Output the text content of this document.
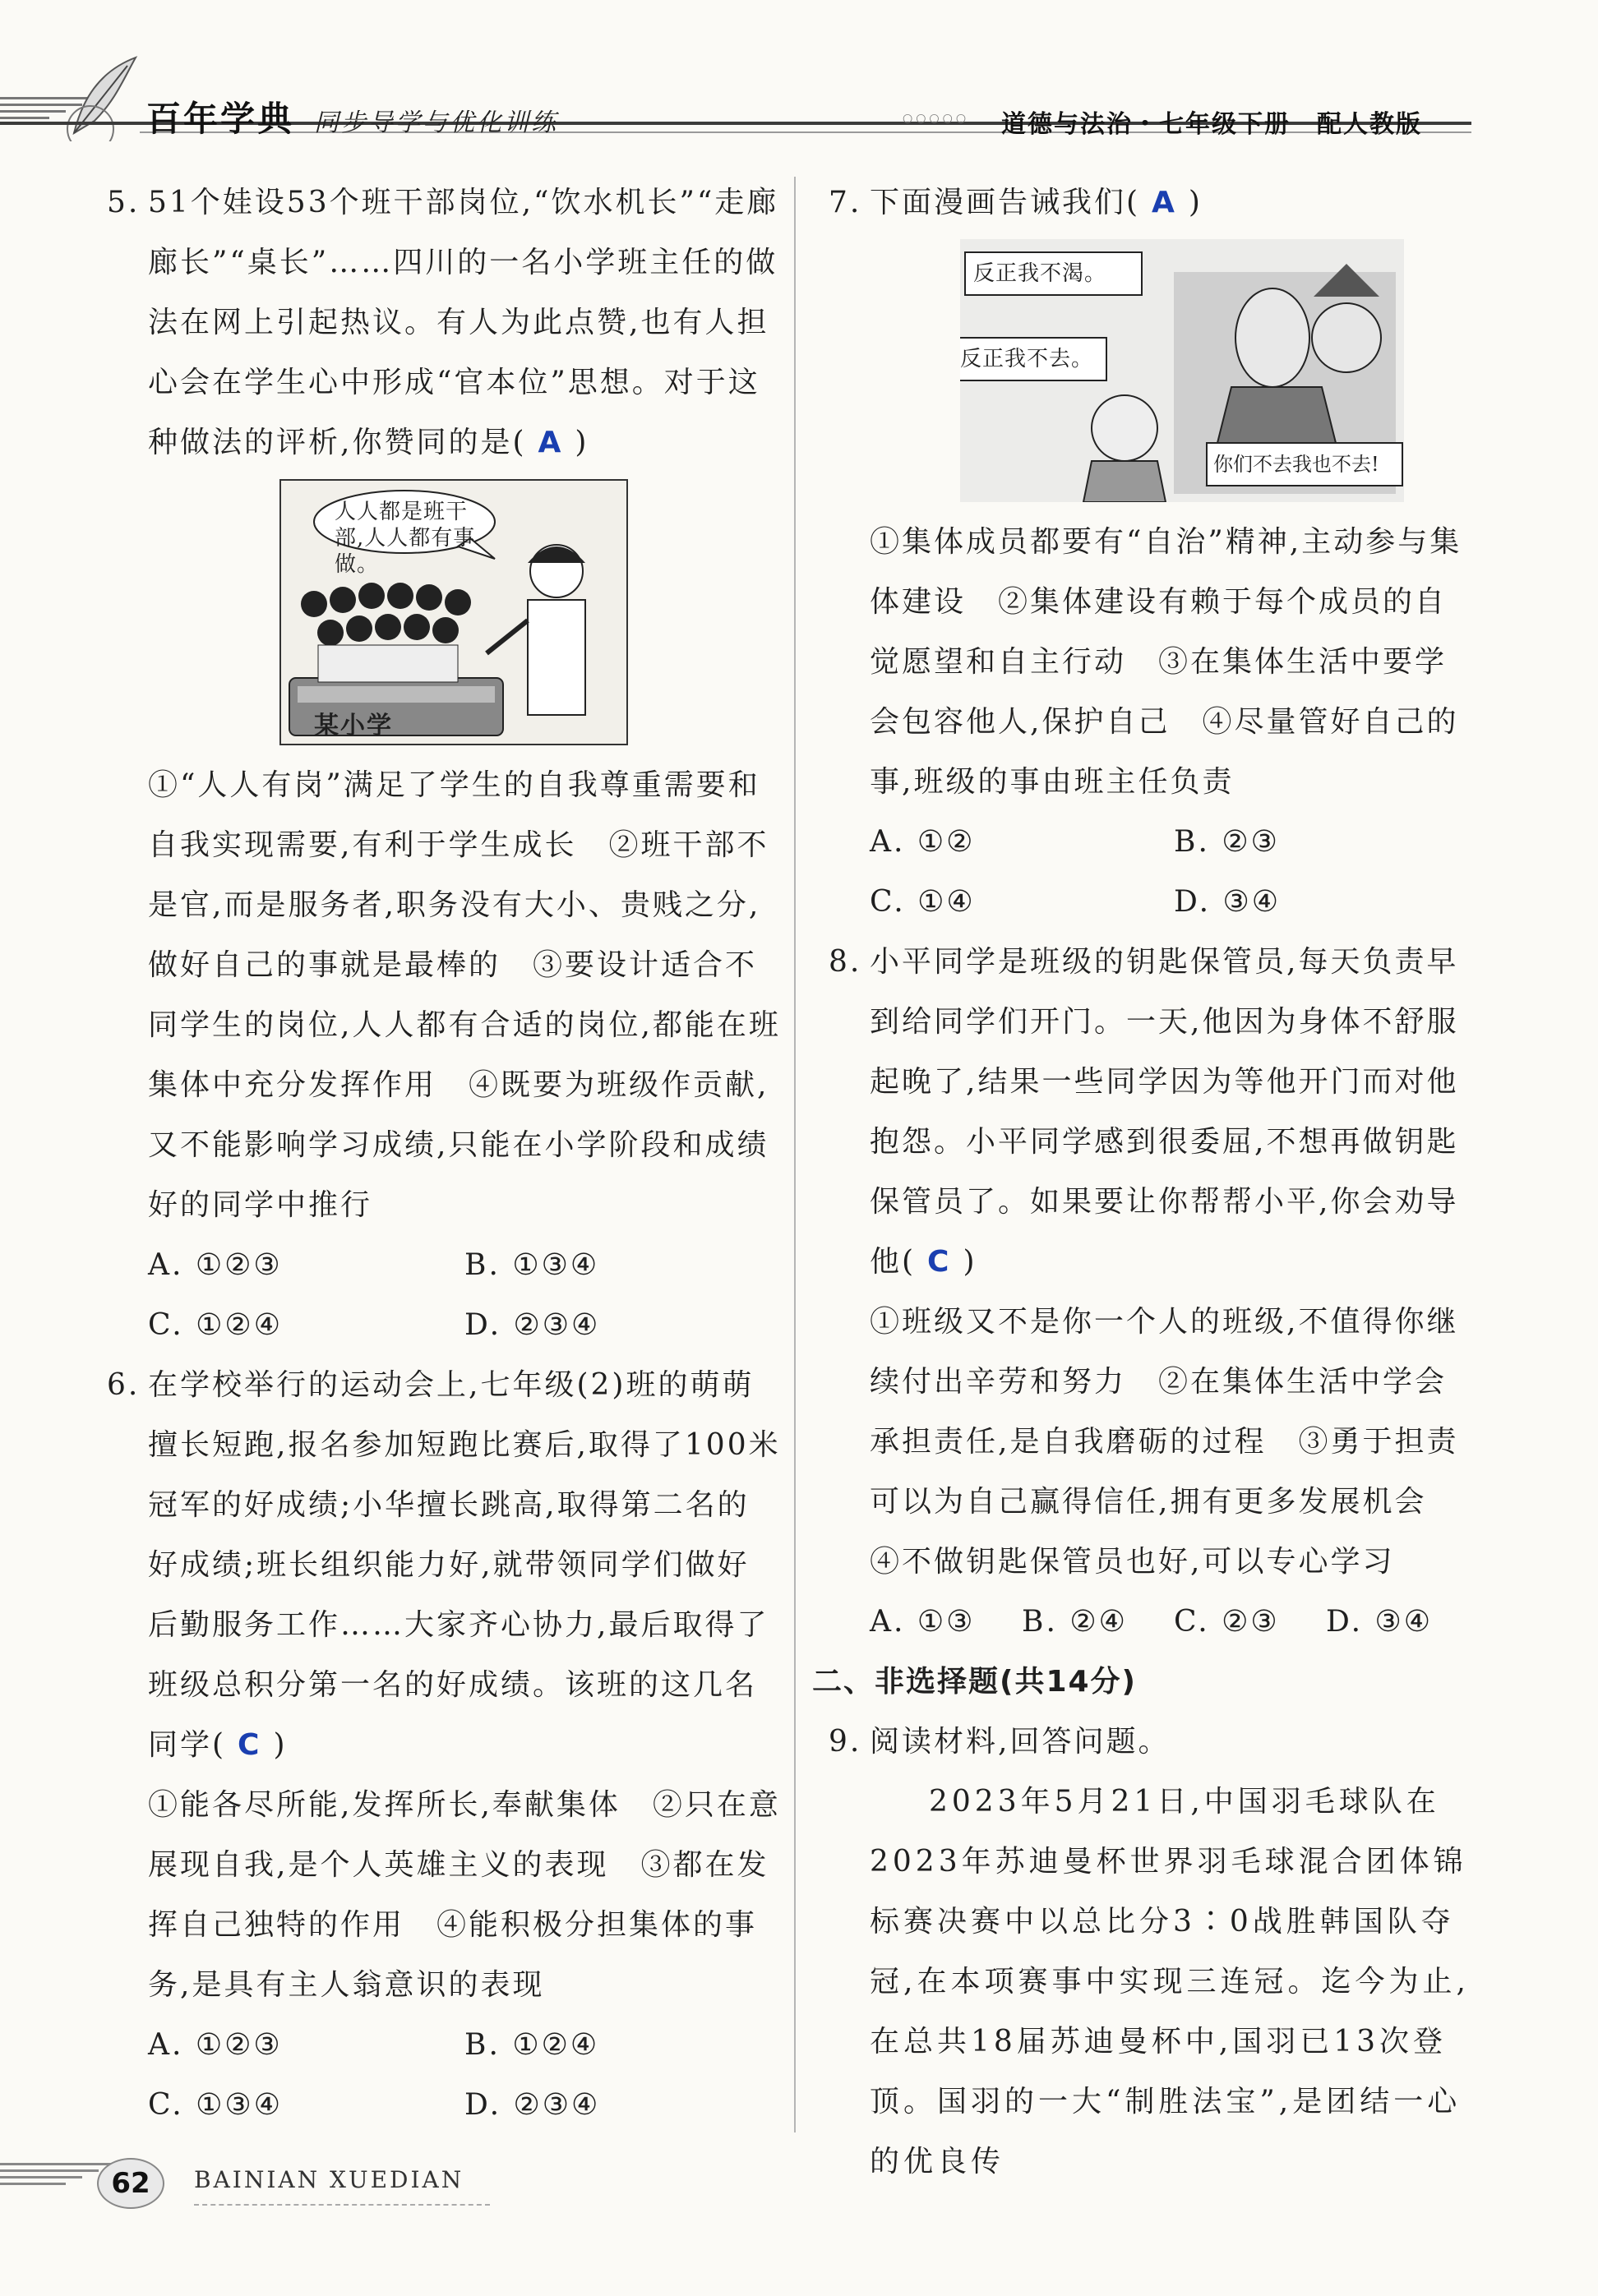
百年学典 同步导学与优化训练	○○○○○ 道德与法治・七年级下册　配人教版
5. 51个娃设53个班干部岗位,“饮水机长”“走廊廊长”“桌长”……四川的一名小学班主任的做法在网上引起热议。有人为此点赞,也有人担心会在学生心中形成“官本位”思想。对于这种做法的评析,你赞同的是( A )
人人都是班干部,人人都有事做。
某小学
①“人人有岗”满足了学生的自我尊重需要和自我实现需要,有利于学生成长　②班干部不是官,而是服务者,职务没有大小、贵贱之分,做好自己的事就是最棒的　③要设计适合不同学生的岗位,人人都有合适的岗位,都能在班集体中充分发挥作用　④既要为班级作贡献,又不能影响学习成绩,只能在小学阶段和成绩好的同学中推行
A. ①②③	B. ①③④
C. ①②④	D. ②③④
6. 在学校举行的运动会上,七年级(2)班的萌萌擅长短跑,报名参加短跑比赛后,取得了100米冠军的好成绩;小华擅长跳高,取得第二名的好成绩;班长组织能力好,就带领同学们做好后勤服务工作……大家齐心协力,最后取得了班级总积分第一名的好成绩。该班的这几名同学( C )
①能各尽所能,发挥所长,奉献集体　②只在意展现自我,是个人英雄主义的表现　③都在发挥自己独特的作用　④能积极分担集体的事务,是具有主人翁意识的表现
A. ①②③	B. ①②④
C. ①③④	D. ②③④
7. 下面漫画告诫我们( A )
反正我不渴。
反正我不去。
你们不去我也不去!
①集体成员都要有“自治”精神,主动参与集体建设　②集体建设有赖于每个成员的自觉愿望和自主行动　③在集体生活中要学会包容他人,保护自己　④尽量管好自己的事,班级的事由班主任负责
A. ①②	B. ②③
C. ①④	D. ③④
8. 小平同学是班级的钥匙保管员,每天负责早到给同学们开门。一天,他因为身体不舒服起晚了,结果一些同学因为等他开门而对他抱怨。小平同学感到很委屈,不想再做钥匙保管员了。如果要让你帮帮小平,你会劝导他( C )
①班级又不是你一个人的班级,不值得你继续付出辛劳和努力　②在集体生活中学会承担责任,是自我磨砺的过程　③勇于担责可以为自己赢得信任,拥有更多发展机会　④不做钥匙保管员也好,可以专心学习
A. ①③	B. ②④	C. ②③	D. ③④
二、非选择题(共14分)
9. 阅读材料,回答问题。
2023年5月21日,中国羽毛球队在2023年苏迪曼杯世界羽毛球混合团体锦标赛决赛中以总比分3∶0战胜韩国队夺冠,在本项赛事中实现三连冠。迄今为止,在总共18届苏迪曼杯中,国羽已13次登顶。国羽的一大“制胜法宝”,是团结一心的优良传
62	BAINIAN XUEDIAN
